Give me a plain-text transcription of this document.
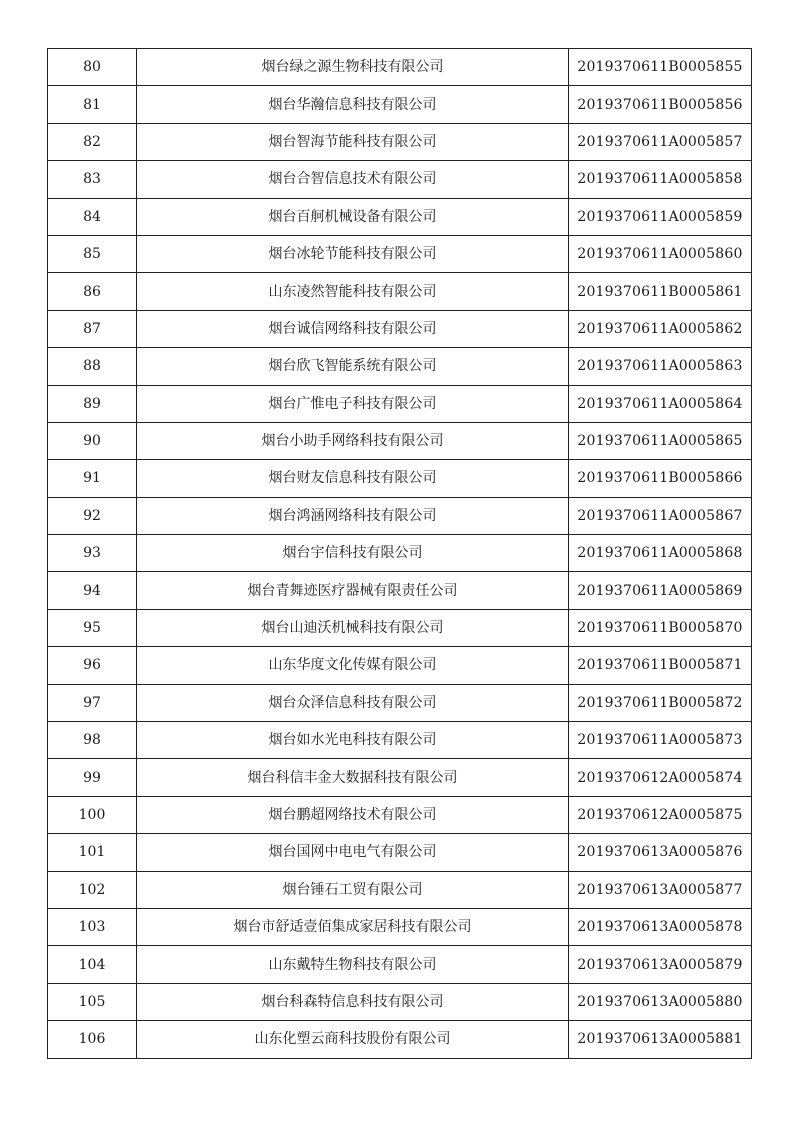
80	烟台绿之源生物科技有限公司	2019370611B0005855
81	烟台华瀚信息科技有限公司	2019370611B0005856
82	烟台智海节能科技有限公司	2019370611A0005857
83	烟台合智信息技术有限公司	2019370611A0005858
84	烟台百舸机械设备有限公司	2019370611A0005859
85	烟台冰轮节能科技有限公司	2019370611A0005860
86	山东凌然智能科技有限公司	2019370611B0005861
87	烟台诚信网络科技有限公司	2019370611A0005862
88	烟台欣飞智能系统有限公司	2019370611A0005863
89	烟台广惟电子科技有限公司	2019370611A0005864
90	烟台小助手网络科技有限公司	2019370611A0005865
91	烟台财友信息科技有限公司	2019370611B0005866
92	烟台鸿涵网络科技有限公司	2019370611A0005867
93	烟台宇信科技有限公司	2019370611A0005868
94	烟台青舞迹医疗器械有限责任公司	2019370611A0005869
95	烟台山迪沃机械科技有限公司	2019370611B0005870
96	山东华度文化传媒有限公司	2019370611B0005871
97	烟台众泽信息科技有限公司	2019370611B0005872
98	烟台如水光电科技有限公司	2019370611A0005873
99	烟台科信丰金大数据科技有限公司	2019370612A0005874
100	烟台鹏超网络技术有限公司	2019370612A0005875
101	烟台国网中电电气有限公司	2019370613A0005876
102	烟台锤石工贸有限公司	2019370613A0005877
103	烟台市舒适壹佰集成家居科技有限公司	2019370613A0005878
104	山东戴特生物科技有限公司	2019370613A0005879
105	烟台科森特信息科技有限公司	2019370613A0005880
106	山东化塑云商科技股份有限公司	2019370613A0005881
